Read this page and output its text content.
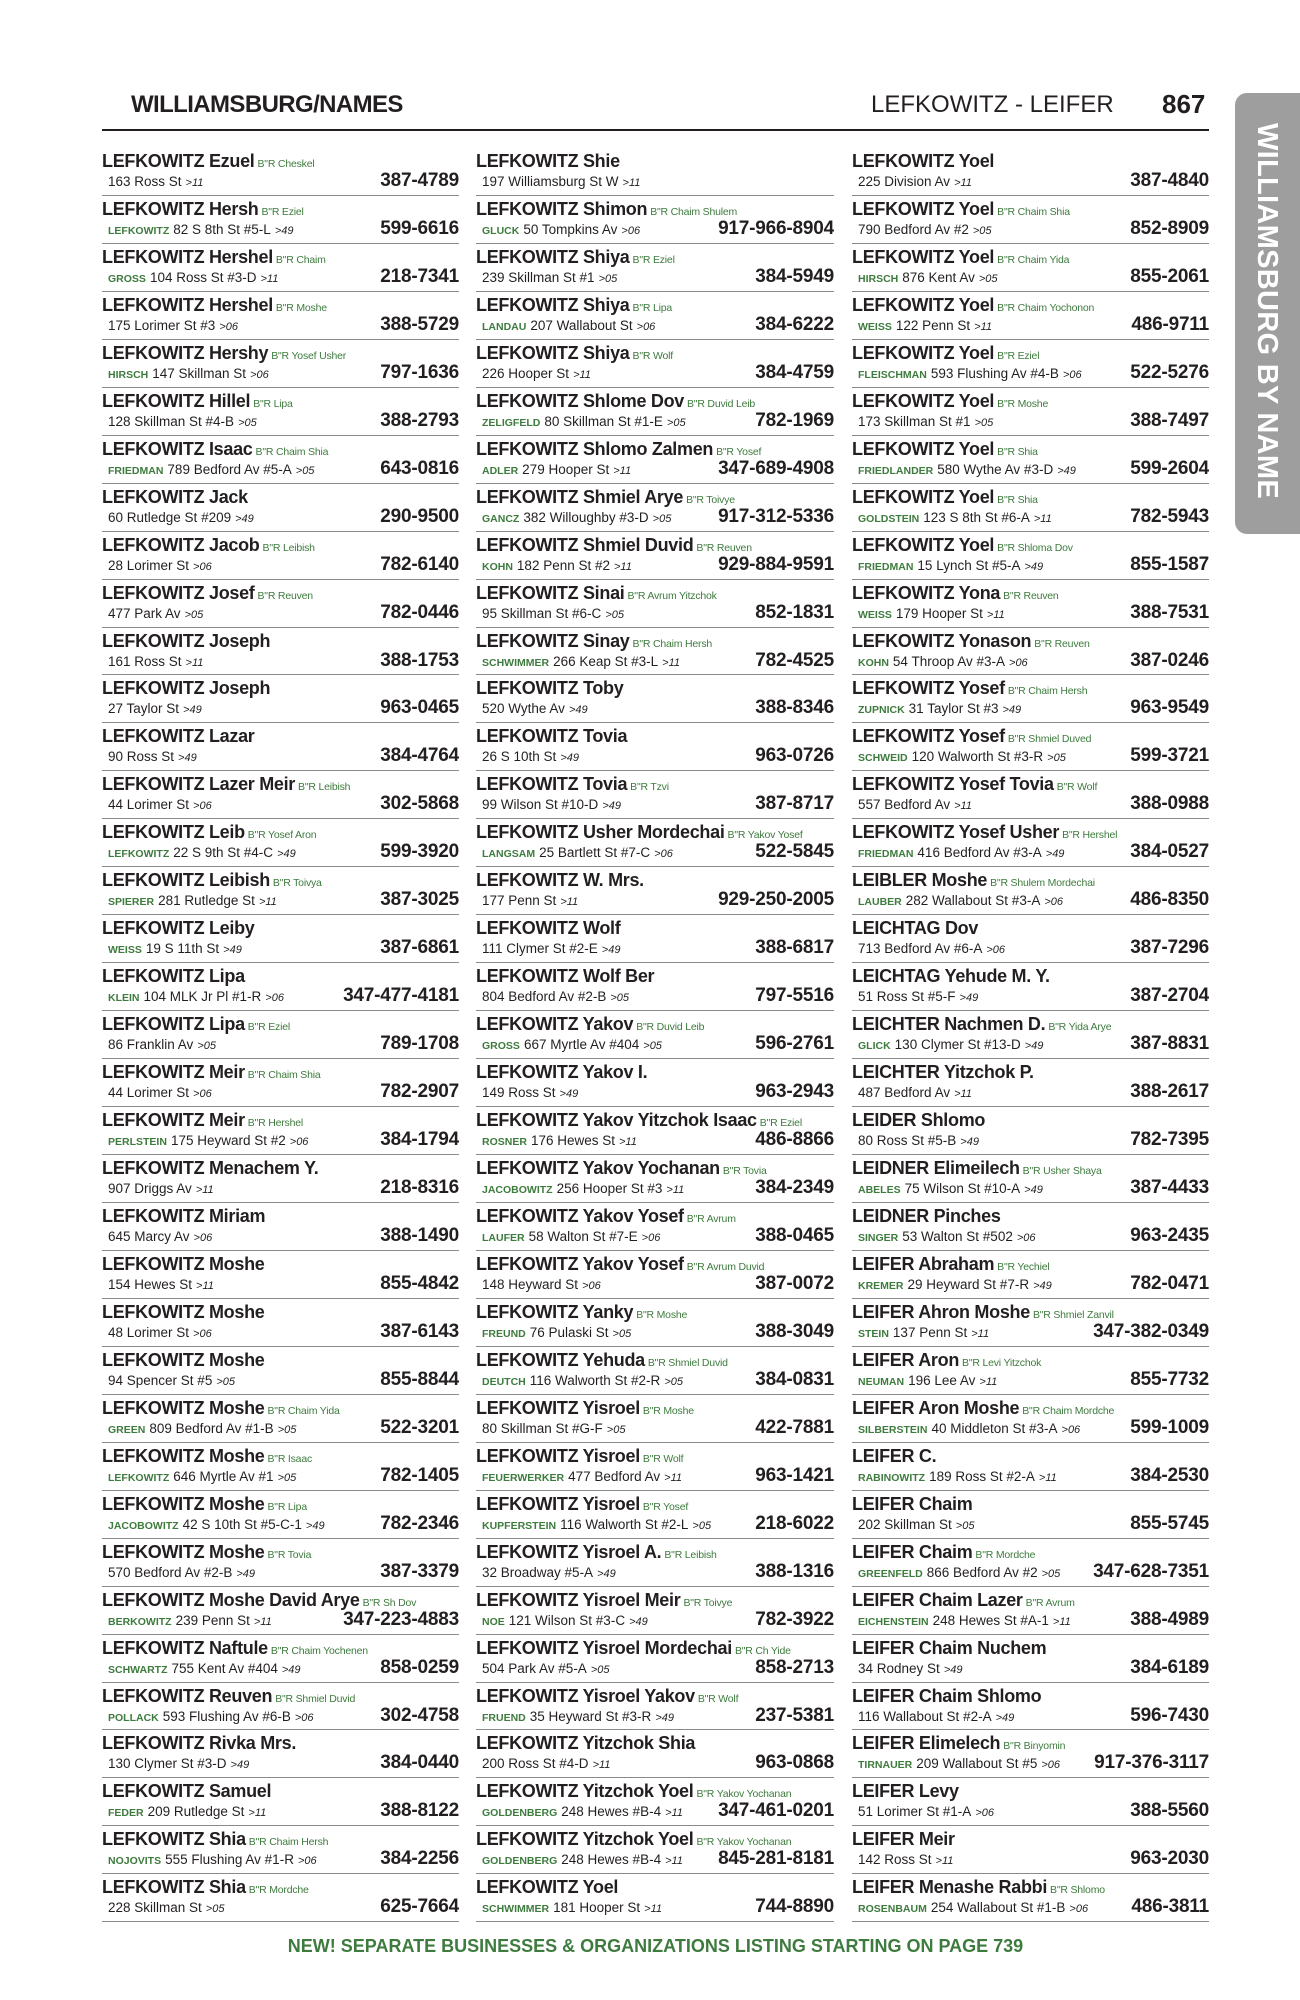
WILLIAMSBURG/NAMES	LEFKOWITZ - LEIFER 867
WILLIAMSBURG BY NAME
LEFKOWITZ Ezuel B"R Cheskel
163 Ross St >11	387-4789
LEFKOWITZ Hersh B"R Eziel
LEFKOWITZ 82 S 8th St #5-L >49	599-6616
LEFKOWITZ Hershel B"R Chaim
GROSS 104 Ross St #3-D >11	218-7341
LEFKOWITZ Hershel B"R Moshe
175 Lorimer St #3 >06	388-5729
LEFKOWITZ Hershy B"R Yosef Usher
HIRSCH 147 Skillman St >06	797-1636
LEFKOWITZ Hillel B"R Lipa
128 Skillman St #4-B >05	388-2793
LEFKOWITZ Isaac B"R Chaim Shia
FRIEDMAN 789 Bedford Av #5-A >05	643-0816
LEFKOWITZ Jack
60 Rutledge St #209 >49	290-9500
LEFKOWITZ Jacob B"R Leibish
28 Lorimer St >06	782-6140
LEFKOWITZ Josef B"R Reuven
477 Park Av >05	782-0446
LEFKOWITZ Joseph
161 Ross St >11	388-1753
LEFKOWITZ Joseph
27 Taylor St >49	963-0465
LEFKOWITZ Lazar
90 Ross St >49	384-4764
LEFKOWITZ Lazer Meir B"R Leibish
44 Lorimer St >06	302-5868
LEFKOWITZ Leib B"R Yosef Aron
LEFKOWITZ 22 S 9th St #4-C >49	599-3920
LEFKOWITZ Leibish B"R Toivya
SPIERER 281 Rutledge St >11	387-3025
LEFKOWITZ Leiby
WEISS 19 S 11th St >49	387-6861
LEFKOWITZ Lipa
KLEIN 104 MLK Jr Pl #1-R >06	347-477-4181
LEFKOWITZ Lipa B"R Eziel
86 Franklin Av >05	789-1708
LEFKOWITZ Meir B"R Chaim Shia
44 Lorimer St >06	782-2907
LEFKOWITZ Meir B"R Hershel
PERLSTEIN 175 Heyward St #2 >06	384-1794
LEFKOWITZ Menachem Y.
907 Driggs Av >11	218-8316
LEFKOWITZ Miriam
645 Marcy Av >06	388-1490
LEFKOWITZ Moshe
154 Hewes St >11	855-4842
LEFKOWITZ Moshe
48 Lorimer St >06	387-6143
LEFKOWITZ Moshe
94 Spencer St #5 >05	855-8844
LEFKOWITZ Moshe B"R Chaim Yida
GREEN 809 Bedford Av #1-B >05	522-3201
LEFKOWITZ Moshe B"R Isaac
LEFKOWITZ 646 Myrtle Av #1 >05	782-1405
LEFKOWITZ Moshe B"R Lipa
JACOBOWITZ 42 S 10th St #5-C-1 >49	782-2346
LEFKOWITZ Moshe B"R Tovia
570 Bedford Av #2-B >49	387-3379
LEFKOWITZ Moshe David Arye B"R Sh Dov
BERKOWITZ 239 Penn St >11	347-223-4883
LEFKOWITZ Naftule B"R Chaim Yochenen
SCHWARTZ 755 Kent Av #404 >49	858-0259
LEFKOWITZ Reuven B"R Shmiel Duvid
POLLACK 593 Flushing Av #6-B >06	302-4758
LEFKOWITZ Rivka Mrs.
130 Clymer St #3-D >49	384-0440
LEFKOWITZ Samuel
FEDER 209 Rutledge St >11	388-8122
LEFKOWITZ Shia B"R Chaim Hersh
NOJOVITS 555 Flushing Av #1-R >06	384-2256
LEFKOWITZ Shia B"R Mordche
228 Skillman St >05	625-7664
LEFKOWITZ Shie
197 Williamsburg St W >11
LEFKOWITZ Shimon B"R Chaim Shulem
GLUCK 50 Tompkins Av >06	917-966-8904
LEFKOWITZ Shiya B"R Eziel
239 Skillman St #1 >05	384-5949
LEFKOWITZ Shiya B"R Lipa
LANDAU 207 Wallabout St >06	384-6222
LEFKOWITZ Shiya B"R Wolf
226 Hooper St >11	384-4759
LEFKOWITZ Shlome Dov B"R Duvid Leib
ZELIGFELD 80 Skillman St #1-E >05	782-1969
LEFKOWITZ Shlomo Zalmen B"R Yosef
ADLER 279 Hooper St >11	347-689-4908
LEFKOWITZ Shmiel Arye B"R Toivye
GANCZ 382 Willoughby #3-D >05 917-312-5336
LEFKOWITZ Shmiel Duvid B"R Reuven
KOHN 182 Penn St #2 >11	929-884-9591
LEFKOWITZ Sinai B"R Avrum Yitzchok
95 Skillman St #6-C >05	852-1831
LEFKOWITZ Sinay B"R Chaim Hersh
SCHWIMMER 266 Keap St #3-L >11	782-4525
LEFKOWITZ Toby
520 Wythe Av >49	388-8346
LEFKOWITZ Tovia
26 S 10th St >49	963-0726
LEFKOWITZ Tovia B"R Tzvi
99 Wilson St #10-D >49	387-8717
LEFKOWITZ Usher Mordechai B"R Yakov Yosef
LANGSAM 25 Bartlett St #7-C >06	522-5845
LEFKOWITZ W. Mrs.
177 Penn St >11	929-250-2005
LEFKOWITZ Wolf
111 Clymer St #2-E >49	388-6817
LEFKOWITZ Wolf Ber
804 Bedford Av #2-B >05	797-5516
LEFKOWITZ Yakov B"R Duvid Leib
GROSS 667 Myrtle Av #404 >05	596-2761
LEFKOWITZ Yakov I.
149 Ross St >49	963-2943
LEFKOWITZ Yakov Yitzchok Isaac B"R Eziel
ROSNER 176 Hewes St >11	486-8866
LEFKOWITZ Yakov Yochanan B"R Tovia
JACOBOWITZ 256 Hooper St #3 >11	384-2349
LEFKOWITZ Yakov Yosef B"R Avrum
LAUFER 58 Walton St #7-E >06	388-0465
LEFKOWITZ Yakov Yosef B"R Avrum Duvid
148 Heyward St >06	387-0072
LEFKOWITZ Yanky B"R Moshe
FREUND 76 Pulaski St >05	388-3049
LEFKOWITZ Yehuda B"R Shmiel Duvid
DEUTCH 116 Walworth St #2-R >05	384-0831
LEFKOWITZ Yisroel B"R Moshe
80 Skillman St #G-F >05	422-7881
LEFKOWITZ Yisroel B"R Wolf
FEUERWERKER 477 Bedford Av >11	963-1421
LEFKOWITZ Yisroel B"R Yosef
KUPFERSTEIN 116 Walworth St #2-L >05 218-6022
LEFKOWITZ Yisroel A. B"R Leibish
32 Broadway #5-A >49	388-1316
LEFKOWITZ Yisroel Meir B"R Toivye
NOE 121 Wilson St #3-C >49	782-3922
LEFKOWITZ Yisroel Mordechai B"R Ch Yide
504 Park Av #5-A >05	858-2713
LEFKOWITZ Yisroel Yakov B"R Wolf
FRUEND 35 Heyward St #3-R >49	237-5381
LEFKOWITZ Yitzchok Shia
200 Ross St #4-D >11	963-0868
LEFKOWITZ Yitzchok Yoel B"R Yakov Yochanan
GOLDENBERG 248 Hewes #B-4 >11 347-461-0201
LEFKOWITZ Yitzchok Yoel B"R Yakov Yochanan
GOLDENBERG 248 Hewes #B-4 >11 845-281-8181
LEFKOWITZ Yoel
SCHWIMMER 181 Hooper St >11	744-8890
LEFKOWITZ Yoel
225 Division Av >11	387-4840
LEFKOWITZ Yoel B"R Chaim Shia
790 Bedford Av #2 >05	852-8909
LEFKOWITZ Yoel B"R Chaim Yida
HIRSCH 876 Kent Av >05	855-2061
LEFKOWITZ Yoel B"R Chaim Yochonon
WEISS 122 Penn St >11	486-9711
LEFKOWITZ Yoel B"R Eziel
FLEISCHMAN 593 Flushing Av #4-B >06	522-5276
LEFKOWITZ Yoel B"R Moshe
173 Skillman St #1 >05	388-7497
LEFKOWITZ Yoel B"R Shia
FRIEDLANDER 580 Wythe Av #3-D >49	599-2604
LEFKOWITZ Yoel B"R Shia
GOLDSTEIN 123 S 8th St #6-A >11	782-5943
LEFKOWITZ Yoel B"R Shloma Dov
FRIEDMAN 15 Lynch St #5-A >49	855-1587
LEFKOWITZ Yona B"R Reuven
WEISS 179 Hooper St >11	388-7531
LEFKOWITZ Yonason B"R Reuven
KOHN 54 Throop Av #3-A >06	387-0246
LEFKOWITZ Yosef B"R Chaim Hersh
ZUPNICK 31 Taylor St #3 >49	963-9549
LEFKOWITZ Yosef B"R Shmiel Duved
SCHWEID 120 Walworth St #3-R >05	599-3721
LEFKOWITZ Yosef Tovia B"R Wolf
557 Bedford Av >11	388-0988
LEFKOWITZ Yosef Usher B"R Hershel
FRIEDMAN 416 Bedford Av #3-A >49	384-0527
LEIBLER Moshe B"R Shulem Mordechai
LAUBER 282 Wallabout St #3-A >06	486-8350
LEICHTAG Dov
713 Bedford Av #6-A >06	387-7296
LEICHTAG Yehude M. Y.
51 Ross St #5-F >49	387-2704
LEICHTER Nachmen D. B"R Yida Arye
GLICK 130 Clymer St #13-D >49	387-8831
LEICHTER Yitzchok P.
487 Bedford Av >11	388-2617
LEIDER Shlomo
80 Ross St #5-B >49	782-7395
LEIDNER Elimeilech B"R Usher Shaya
ABELES 75 Wilson St #10-A >49	387-4433
LEIDNER Pinches
SINGER 53 Walton St #502 >06	963-2435
LEIFER Abraham B"R Yechiel
KREMER 29 Heyward St #7-R >49	782-0471
LEIFER Ahron Moshe B"R Shmiel Zanvil
STEIN 137 Penn St >11	347-382-0349
LEIFER Aron B"R Levi Yitzchok
NEUMAN 196 Lee Av >11	855-7732
LEIFER Aron Moshe B"R Chaim Mordche
SILBERSTEIN 40 Middleton St #3-A >06	599-1009
LEIFER C.
RABINOWITZ 189 Ross St #2-A >11	384-2530
LEIFER Chaim
202 Skillman St >05	855-5745
LEIFER Chaim B"R Mordche
GREENFELD 866 Bedford Av #2 >05 347-628-7351
LEIFER Chaim Lazer B"R Avrum
EICHENSTEIN 248 Hewes St #A-1 >11	388-4989
LEIFER Chaim Nuchem
34 Rodney St >49	384-6189
LEIFER Chaim Shlomo
116 Wallabout St #2-A >49	596-7430
LEIFER Elimelech B"R Binyomin
TIRNAUER 209 Wallabout St #5 >06 917-376-3117
LEIFER Levy
51 Lorimer St #1-A >06	388-5560
LEIFER Meir
142 Ross St >11	963-2030
LEIFER Menashe Rabbi B"R Shlomo
ROSENBAUM 254 Wallabout St #1-B >06 486-3811
NEW! SEPARATE BUSINESSES & ORGANIZATIONS LISTING STARTING ON PAGE 739
